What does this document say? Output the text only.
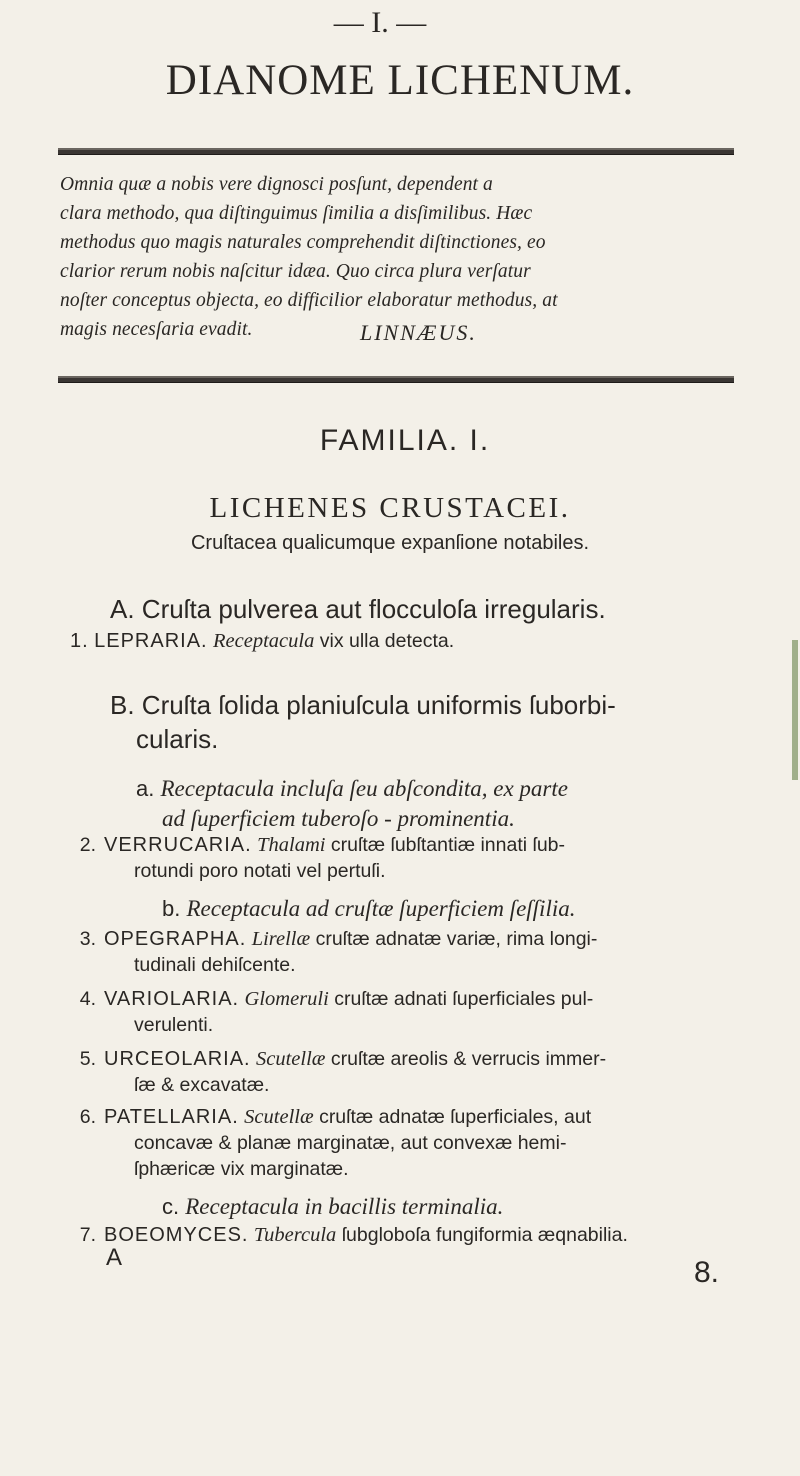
— I. —
DIANOME LICHENUM.
Omnia quæ a nobis vere dignosci posſunt, dependent a
clara methodo, qua diſtinguimus ſimilia a disſimilibus. Hæc
methodus quo magis naturales comprehendit diſtinctiones, eo
clarior rerum nobis naſcitur idæa. Quo circa plura verſatur
noſter conceptus objecta, eo difficilior elaboratur methodus, at
magis necesſaria evadit.	LINNÆUS.
FAMILIA. I.
LICHENES CRUSTACEI.
Cruſtacea qualicumque expanſione notabiles.
A. Cruſta pulverea aut flocculoſa irregularis.
1. LEPRARIA. Receptacula vix ulla detecta.
B. Cruſta ſolida planiuſcula uniformis ſuborbi-
cularis.
a. Receptacula incluſa ſeu abſcondita, ex parte
ad ſuperficiem tuberoſo - prominentia.
2. VERRUCARIA. Thalami cruſtæ ſubſtantiæ innati ſub-
rotundi poro notati vel pertuſi.
b. Receptacula ad cruſtæ ſuperficiem ſeſſilia.
3. OPEGRAPHA. Lirellæ cruſtæ adnatæ variæ, rima longi-
tudinali dehiſcente.
4. VARIOLARIA. Glomeruli cruſtæ adnati ſuperficiales pul-
verulenti.
5. URCEOLARIA. Scutellæ cruſtæ areolis & verrucis immer-
ſæ & excavatæ.
6. PATELLARIA. Scutellæ cruſtæ adnatæ ſuperficiales, aut
concavæ & planæ marginatæ, aut convexæ hemi-
ſphæricæ vix marginatæ.
c. Receptacula in bacillis terminalia.
7. BOEOMYCES. Tubercula ſubgloboſa fungiformia æqnabilia.
A	8.
